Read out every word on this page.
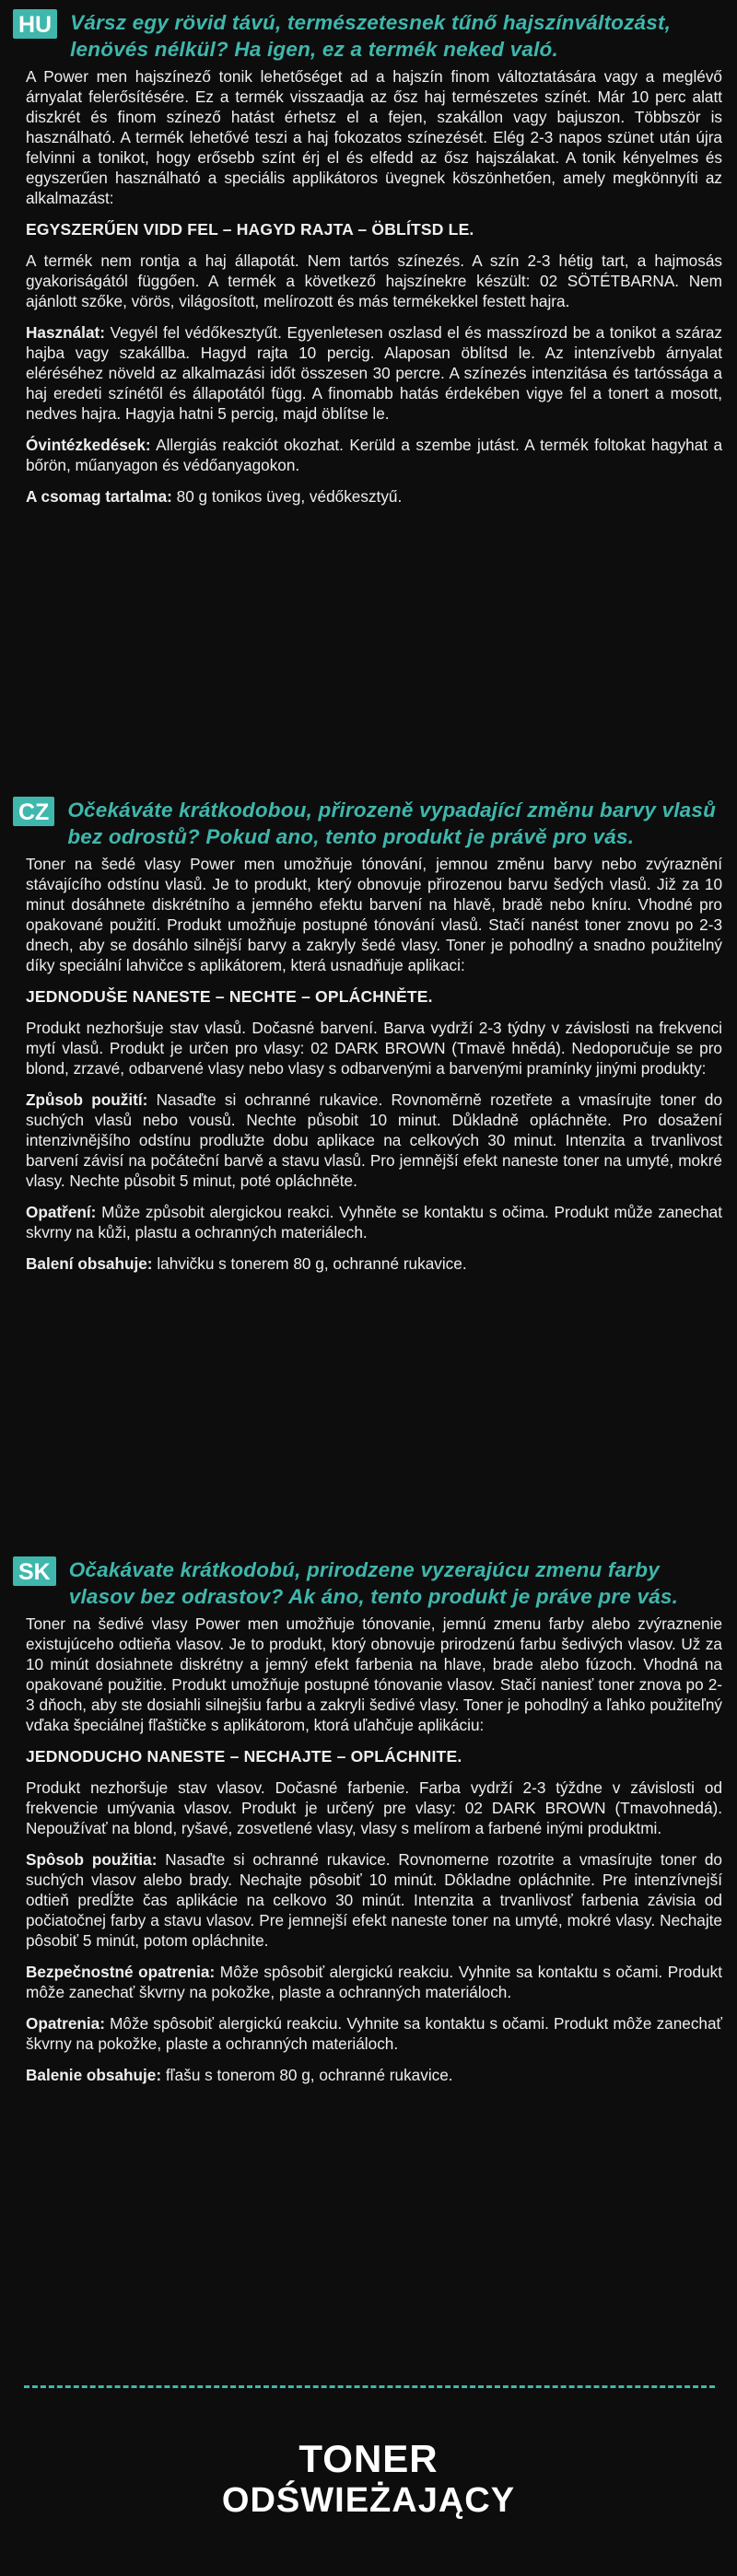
HU Vársz egy rövid távú, természetesnek tűnő hajszínváltozást, lenövés nélkül? Ha igen, ez a termék neked való.

A Power men hajszínező tonik lehetőséget ad a hajszín finom változtatására vagy a meglévő árnyalat felerősítésére. Ez a termék visszaadja az ősz haj természetes színét. Már 10 perc alatt diszkrét és finom színező hatást érhetsz el a fejen, szakállon vagy bajuszon. Többször is használható. A termék lehetővé teszi a haj fokozatos színezését. Elég 2-3 napos szünet után újra felvinni a tonikot, hogy erősebb színt érj el és elfedd az ősz hajszálakat. A tonik kényelmes és egyszerűen használható a speciális applikátoros üvegnek köszönhetően, amely megkönnyíti az alkalmazást:

EGYSZERŰEN VIDD FEL – HAGYD RAJTA – ÖBLÍTSD LE.

A termék nem rontja a haj állapotát. Nem tartós színezés. A szín 2-3 hétig tart, a hajmosás gyakoriságától függően. A termék a következő hajszínekre készült: 02 SÖTÉTBARNA. Nem ajánlott szőke, vörös, világosított, melírozott és más termékekkel festett hajra.

Használat: Vegyél fel védőkesztyűt. Egyenletesen oszlasd el és masszírozd be a tonikot a száraz hajba vagy szakállba. Hagyd rajta 10 percig. Alaposan öblítsd le. Az intenzívebb árnyalat eléréséhez növeld az alkalmazási időt összesen 30 percre. A színezés intenzitása és tartóssága a haj eredeti színétől és állapotától függ. A finomabb hatás érdekében vigye fel a tonert a mosott, nedves hajra. Hagyja hatni 5 percig, majd öblítse le.

Óvintézkedések: Allergiás reakciót okozhat. Kerüld a szembe jutást. A termék foltokat hagyhat a bőrön, műanyagon és védőanyagokon.

A csomag tartalma: 80 g tonikos üveg, védőkesztyű.

CZ Očekáváte krátkodobou, přirozeně vypadající změnu barvy vlasů bez odrostů? Pokud ano, tento produkt je právě pro vás.

Toner na šedé vlasy Power men umožňuje tónování, jemnou změnu barvy nebo zvýraznění stávajícího odstínu vlasů. Je to produkt, který obnovuje přirozenou barvu šedých vlasů. Již za 10 minut dosáhnete diskrétního a jemného efektu barvení na hlavě, bradě nebo kníru. Vhodné pro opakované použití. Produkt umožňuje postupné tónování vlasů. Stačí nanést toner znovu po 2-3 dnech, aby se dosáhlo silnější barvy a zakryly šedé vlasy. Toner je pohodlný a snadno použitelný díky speciální lahvičce s aplikátorem, která usnadňuje aplikaci:

JEDNODUŠE NANESTE – NECHTE – OPLÁCHNĚTE.

Produkt nezhoršuje stav vlasů. Dočasné barvení. Barva vydrží 2-3 týdny v závislosti na frekvenci mytí vlasů. Produkt je určen pro vlasy: 02 DARK BROWN (Tmavě hnědá). Nedoporučuje se pro blond, zrzavé, odbarvené vlasy nebo vlasy s odbarvenými a barvenými pramínky jinými produkty:

Způsob použití: Nasaďte si ochranné rukavice. Rovnoměrně rozetřete a vmasírujte toner do suchých vlasů nebo vousů. Nechte působit 10 minut. Důkladně opláchněte. Pro dosažení intenzivnějšího odstínu prodlužte dobu aplikace na celkových 30 minut. Intenzita a trvanlivost barvení závisí na počáteční barvě a stavu vlasů. Pro jemnější efekt naneste toner na umyté, mokré vlasy. Nechte působit 5 minut, poté opláchněte.

Opatření: Může způsobit alergickou reakci. Vyhněte se kontaktu s očima. Produkt může zanechat skvrny na kůži, plastu a ochranných materiálech.

Balení obsahuje: lahvičku s tonerem 80 g, ochranné rukavice.

SK Očakávate krátkodobú, prirodzene vyzerajúcu zmenu farby vlasov bez odrastov? Ak áno, tento produkt je práve pre vás.

Toner na šedivé vlasy Power men umožňuje tónovanie, jemnú zmenu farby alebo zvýraznenie existujúceho odtieňa vlasov. Je to produkt, ktorý obnovuje prirodzenú farbu šedivých vlasov. Už za 10 minút dosiahnete diskrétny a jemný efekt farbenia na hlave, brade alebo fúzoch. Vhodná na opakované použitie. Produkt umožňuje postupné tónovanie vlasov. Stačí naniesť toner znova po 2-3 dňoch, aby ste dosiahli silnejšiu farbu a zakryli šedivé vlasy. Toner je pohodlný a ľahko použiteľný vďaka špeciálnej fľaštičke s aplikátorom, ktorá uľahčuje aplikáciu:

JEDNODUCHO NANESTE – NECHAJTE – OPLÁCHNITE.

Produkt nezhoršuje stav vlasov. Dočasné farbenie. Farba vydrží 2-3 týždne v závislosti od frekvencie umývania vlasov. Produkt je určený pre vlasy: 02 DARK BROWN (Tmavohnedá). Nepoužívať na blond, ryšavé, zosvetlené vlasy, vlasy s melírom a farbené inými produktmi.

Spôsob použitia: Nasaďte si ochranné rukavice. Rovnomerne rozotrite a vmasírujte toner do suchých vlasov alebo brady. Nechajte pôsobiť 10 minút. Dôkladne opláchnite. Pre intenzívnejší odtieň predĺžte čas aplikácie na celkovo 30 minút. Intenzita a trvanlivosť farbenia závisia od počiatočnej farby a stavu vlasov. Pre jemnejší efekt naneste toner na umyté, mokré vlasy. Nechajte pôsobiť 5 minút, potom opláchnite.

Bezpečnostné opatrenia: Môže spôsobiť alergickú reakciu. Vyhnite sa kontaktu s očami. Produkt môže zanechať škvrny na pokožke, plaste a ochranných materiáloch.

Opatrenia: Môže spôsobiť alergickú reakciu. Vyhnite sa kontaktu s očami. Produkt môže zanechať škvrny na pokožke, plaste a ochranných materiáloch.

Balenie obsahuje: fľašu s tonerom 80 g, ochranné rukavice.

TONER
ODŚWIEŻAJĄCY
